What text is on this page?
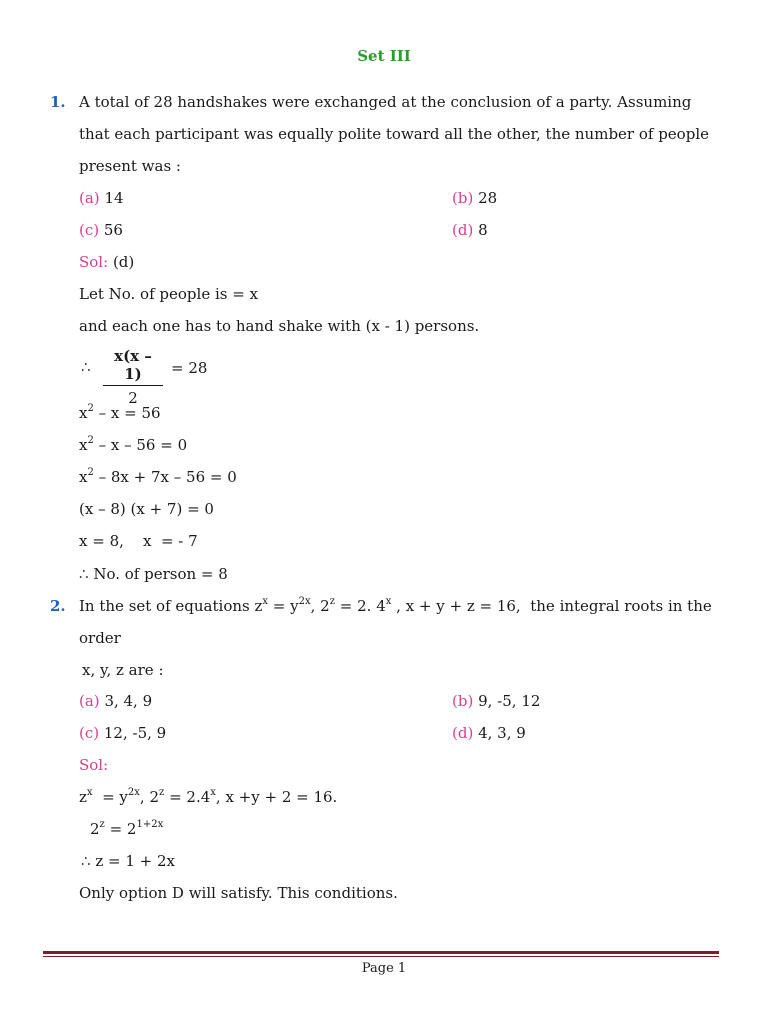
Set III
1. A total of 28 handshakes were exchanged at the conclusion of a party. Assuming
that each participant was equally polite toward all the other, the number of people
present was :
(a) 14	(b) 28
(c) 56	(d) 8
Sol: (d)
Let No. of people is = x
and each one has to hand shake with (x - 1) persons.
∴ $\frac{x(x - 1)}{2} = 28$
$x^2 - x = 56$
$x^2 - x - 56 = 0$
$x^2 - 8x + 7x - 56 = 0$
(x – 8) (x + 7) = 0
x = 8,    x  = - 7
∴ No. of person = 8
2. In the set of equations $z^x = y^{2x}$, $2^z = 2$. 4$^x$ , x + y + z = 16,  the integral roots in the
order
x, y, z are :
(a) 3, 4, 9	(b) 9, -5, 12
(c) 12, -5, 9	(d) 4, 3, 9
Sol:
$z^x = y^{2x}$, $2^z = 2.4^x$, x +y + 2 = 16.
$2^z = 2^{1+2x}$
∴ z = 1 + 2x
Only option D will satisfy. This conditions.
Page 1
